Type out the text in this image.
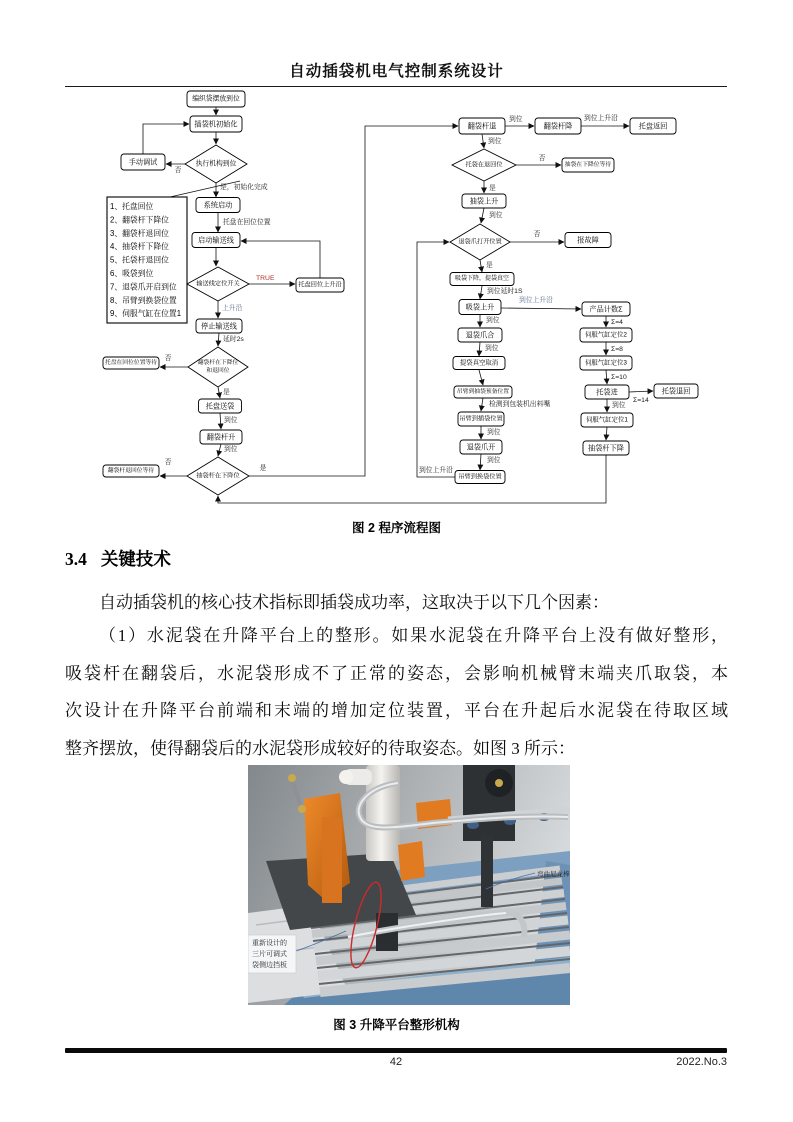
自动插袋机电气控制系统设计
编织袋摆放到位
插袋机初始化
执行机构到位
手动调试
系统启动
启动输送线
输送线定位开关	托盘回位上升沿
停止输送线
翻袋杆在下降位
和退回位
托盘在回位位置等待
托盘送袋
翻袋杆升
抽袋杆在下降位
翻袋杆退回位等待
翻袋杆退	翻袋杆降	托盘返回
托袋在退回位	抽袋在下降位等待
抽袋上升
退袋爪打开位置	报故障
吸袋下降，提袋真空
吸袋上升
退袋爪合
提袋真空取消
吊臂到抽袋预备位置
吊臂到插袋位置
退袋爪开
吊臂到换袋位置
产品计数Σ
伺服气缸定位2
伺服气缸定位3
托袋进	托袋退回
伺服气缸定位1
抽袋杆下降
1、托盘回位
2、翻袋杆下降位
3、翻袋杆退回位
4、抽袋杆下降位
5、托袋杆退回位
6、吸袋到位
7、退袋爪开启到位
8、吊臂到换袋位置
9、伺服气缸在位置1
否
是，初始化完成
托盘在回位位置
TRUE
上升沿
延时2s
否
是
到位
到位
否
是
到位	到位上升沿
到位
否
是
到位
否
是
到位延时1S
到位上升沿
到位
到位
检测到包装机出料嘴
到位
到位
到位上升沿
Σ=4
Σ=8
Σ=10
Σ=14
到位
图 2 程序流程图
3.4 关键技术
自动插袋机的核心技术指标即插袋成功率，这取决于以下几个因素：
（1）水泥袋在升降平台上的整形。如果水泥袋在升降平台上没有做好整形，
吸袋杆在翻袋后，水泥袋形成不了正常的姿态，会影响机械臂末端夹爪取袋，本
次设计在升降平台前端和末端的增加定位装置，平台在升起后水泥袋在待取区域
整齐摆放，使得翻袋后的水泥袋形成较好的待取姿态。如图 3 所示：
弯曲尼龙棒
重新设计的
三片可调式
袋侧边挡板
图 3 升降平台整形机构
42	2022.No.3
